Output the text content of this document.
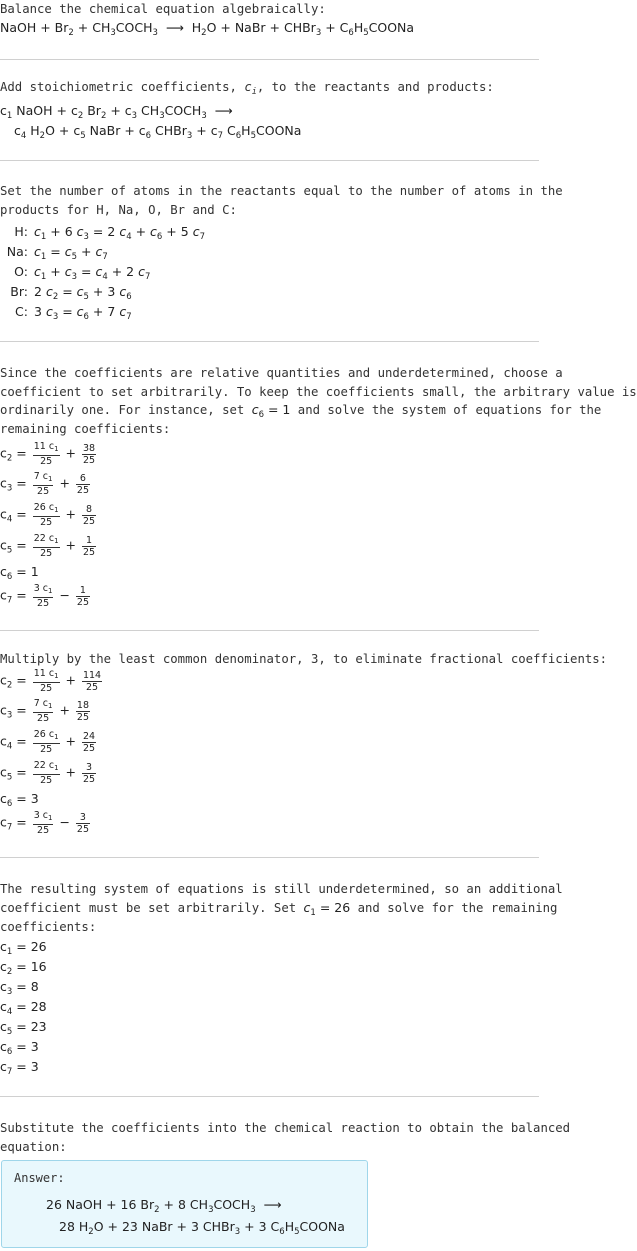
Balance the chemical equation algebraically:
NaOH + $Br_2$ + $CH_3COCH_3$  ⟶  $H_2O$ + NaBr + CHBr$_3$ + $C_6H_5COONa$
Add stoichiometric coefficients, $c_i$, to the reactants and products:
$c_1$ NaOH + $c_2$ $Br_2 + c_3$ $CH_3COCH_3$  ⟶
$c_4$ $H_2O + c_5$ NaBr + $c_6$ CHBr$_3$ + $c_7$ $C_6H_5COONa$
Set the number of atoms in the reactants equal to the number of atoms in the
products for H, Na, O, Br and C:
H: $c_1 + 6$ $c_3 = 2$ $c_4 + c_6 + 5$ $c_7$
Na: $c_1 = c_5 + c_7$
O: $c_1 + c_3 = c_4 + 2$ $c_7$
Br: 2 $c_2 = c_5 + 3$ $c_6$
C: 3 $c_3 = c_6 + 7$ $c_7$
Since the coefficients are relative quantities and underdetermined, choose a
coefficient to set arbitrarily. To keep the coefficients small, the arbitrary value is
ordinarily one. For instance, set $c_6 = 1$ and solve the system of equations for the
remaining coefficients:
$c_2 = \frac{11 c_1}{25} + \frac{38}{25}$
$c_3 = \frac{7 c_1}{25} + \frac{6}{25}$
$c_4 = \frac{26 c_1}{25} + \frac{8}{25}$
$c_5 = \frac{22 c_1}{25} + \frac{1}{25}$
$c_6 = 1$
$c_7 = \frac{3 c_1}{25} - \frac{1}{25}$
Multiply by the least common denominator, 3, to eliminate fractional coefficients:
$c_2 = \frac{11 c_1}{25} + \frac{114}{25}$
$c_3 = \frac{7 c_1}{25} + \frac{18}{25}$
$c_4 = \frac{26 c_1}{25} + \frac{24}{25}$
$c_5 = \frac{22 c_1}{25} + \frac{3}{25}$
$c_6 = 3$
$c_7 = \frac{3 c_1}{25} - \frac{3}{25}$
The resulting system of equations is still underdetermined, so an additional
coefficient must be set arbitrarily. Set $c_1 = 26$ and solve for the remaining
coefficients:
$c_1 = 26$
$c_2 = 16$
$c_3 = 8$
$c_4 = 28$
$c_5 = 23$
$c_6 = 3$
$c_7 = 3$
Substitute the coefficients into the chemical reaction to obtain the balanced
equation:
Answer:
26 NaOH + 16 $Br_2 + 8$ $CH_3COCH_3$  ⟶
28 $H_2O + 23$ NaBr + 3 CHBr$_3$ + 3 $C_6H_5COONa$
